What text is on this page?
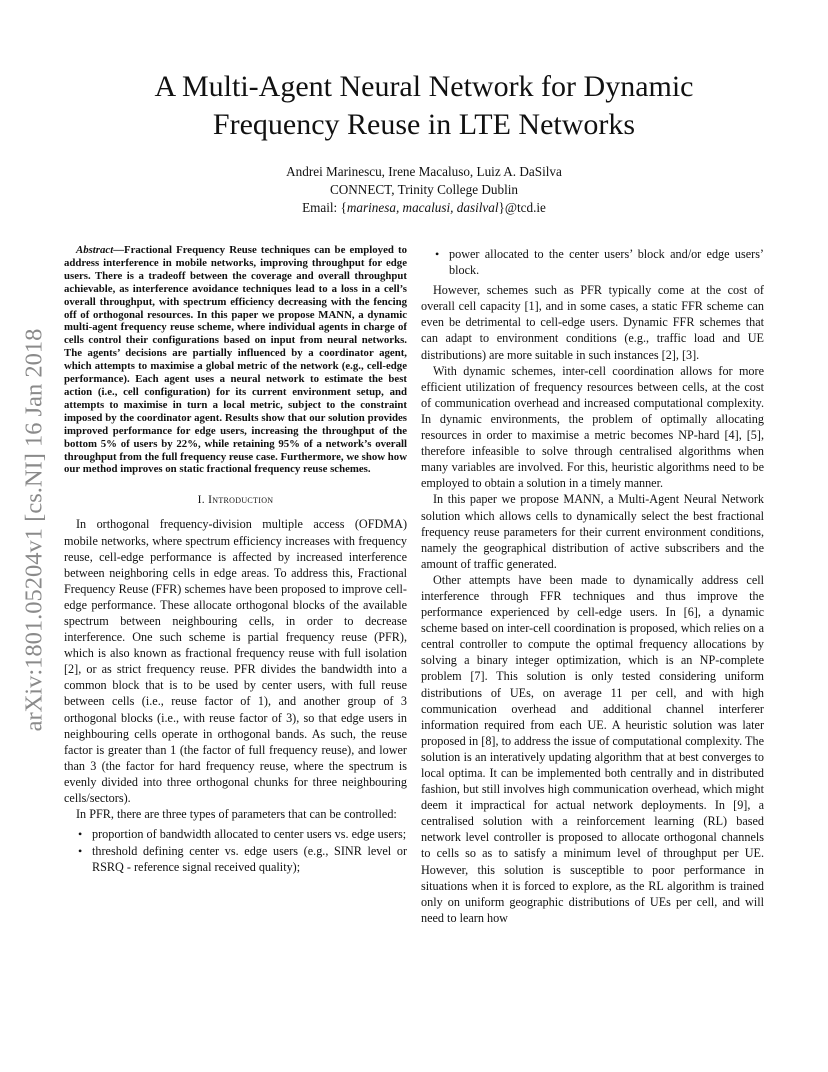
arXiv:1801.05204v1 [cs.NI] 16 Jan 2018
A Multi-Agent Neural Network for Dynamic
Frequency Reuse in LTE Networks
Andrei Marinescu, Irene Macaluso, Luiz A. DaSilva
CONNECT, Trinity College Dublin
Email: {marinesa, macalusi, dasilval}@tcd.ie

Abstract—Fractional Frequency Reuse techniques can be employed to address interference in mobile networks, improving throughput for edge users. There is a tradeoff between the coverage and overall throughput achievable, as interference avoidance techniques lead to a loss in a cell’s overall throughput, with spectrum efficiency decreasing with the fencing off of orthogonal resources. In this paper we propose MANN, a dynamic multi-agent frequency reuse scheme, where individual agents in charge of cells control their configurations based on input from neural networks. The agents’ decisions are partially influenced by a coordinator agent, which attempts to maximise a global metric of the network (e.g., cell-edge performance). Each agent uses a neural network to estimate the best action (i.e., cell configuration) for its current environment setup, and attempts to maximise in turn a local metric, subject to the constraint imposed by the coordinator agent. Results show that our solution provides improved performance for edge users, increasing the throughput of the bottom 5% of users by 22%, while retaining 95% of a network’s overall throughput from the full frequency reuse case. Furthermore, we show how our method improves on static fractional frequency reuse schemes.

I. Introduction

In orthogonal frequency-division multiple access (OFDMA) mobile networks, where spectrum efficiency increases with frequency reuse, cell-edge performance is affected by increased interference between neighboring cells in edge areas. To address this, Fractional Frequency Reuse (FFR) schemes have been proposed to improve cell-edge performance. These allocate orthogonal blocks of the available spectrum between neighbouring cells, in order to decrease interference. One such scheme is partial frequency reuse (PFR), which is also known as fractional frequency reuse with full isolation [2], or as strict frequency reuse. PFR divides the bandwidth into a common block that is to be used by center users, with full reuse between cells (i.e., reuse factor of 1), and another group of 3 orthogonal blocks (i.e., with reuse factor of 3), so that edge users in neighbouring cells operate in orthogonal bands. As such, the reuse factor is greater than 1 (the factor of full frequency reuse), and lower than 3 (the factor for hard frequency reuse, where the spectrum is evenly divided into three orthogonal chunks for three neighbouring cells/sectors).

In PFR, there are three types of parameters that can be controlled:

• proportion of bandwidth allocated to center users vs. edge users;
• threshold defining center vs. edge users (e.g., SINR level or RSRQ - reference signal received quality);
• power allocated to the center users’ block and/or edge users’ block.

However, schemes such as PFR typically come at the cost of overall cell capacity [1], and in some cases, a static FFR scheme can even be detrimental to cell-edge users. Dynamic FFR schemes that can adapt to environment conditions (e.g., traffic load and UE distributions) are more suitable in such instances [2], [3].

With dynamic schemes, inter-cell coordination allows for more efficient utilization of frequency resources between cells, at the cost of communication overhead and increased computational complexity. In dynamic environments, the problem of optimally allocating resources in order to maximise a metric becomes NP-hard [4], [5], therefore infeasible to solve through centralised algorithms when many variables are involved. For this, heuristic algorithms need to be employed to obtain a solution in a timely manner.

In this paper we propose MANN, a Multi-Agent Neural Network solution which allows cells to dynamically select the best fractional frequency reuse parameters for their current environment conditions, namely the geographical distribution of active subscribers and the amount of traffic generated.

Other attempts have been made to dynamically address cell interference through FFR techniques and thus improve the performance experienced by cell-edge users. In [6], a dynamic scheme based on inter-cell coordination is proposed, which relies on a central controller to compute the optimal frequency allocations by solving a binary integer optimization, which is an NP-complete problem [7]. This solution is only tested considering uniform distributions of UEs, on average 11 per cell, and with high communication overhead and additional channel interferer information required from each UE. A heuristic solution was later proposed in [8], to address the issue of computational complexity. The solution is an interatively updating algorithm that at best converges to local optima. It can be implemented both centrally and in distributed fashion, but still involves high communication overhead, which might deem it impractical for actual network deployments. In [9], a centralised solution with a reinforcement learning (RL) based network level controller is proposed to allocate orthogonal channels to cells so as to satisfy a minimum level of throughput per UE. However, this solution is susceptible to poor performance in situations when it is forced to explore, as the RL algorithm is trained only on uniform geographic distributions of UEs per cell, and will need to learn how
